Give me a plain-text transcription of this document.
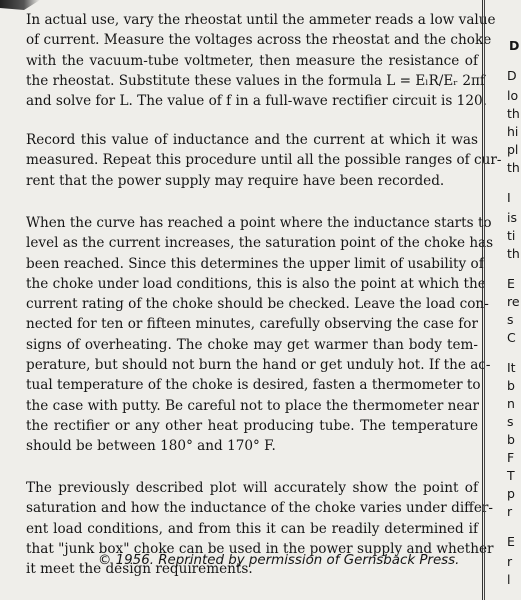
In actual use, vary the rheostat until the ammeter reads a low value
of current. Measure the voltages across the rheostat and the choke
with the vacuum-tube voltmeter, then measure the resistance of
the rheostat. Substitute these values in the formula L = EₗR/Eᵣ 2πf
and solve for L. The value of f in a full-wave rectifier circuit is 120.
Record this value of inductance and the current at which it was
measured. Repeat this procedure until all the possible ranges of cur-
rent that the power supply may require have been recorded.
When the curve has reached a point where the inductance starts to
level as the current increases, the saturation point of the choke has
been reached. Since this determines the upper limit of usability of
the choke under load conditions, this is also the point at which the
current rating of the choke should be checked. Leave the load con-
nected for ten or fifteen minutes, carefully observing the case for
signs of overheating. The choke may get warmer than body tem-
perature, but should not burn the hand or get unduly hot. If the ac-
tual temperature of the choke is desired, fasten a thermometer to
the case with putty. Be careful not to place the thermometer near
the rectifier or any other heat producing tube. The temperature
should be between 180° and 170° F.
The previously described plot will accurately show the point of
saturation and how the inductance of the choke varies under differ-
ent load conditions, and from this it can be readily determined if
that "junk box" choke can be used in the power supply and whether
it meet the design requirements.
© 1956. Reprinted by permission of Gernsback Press.
D
D
lo
th
hi
pl
th
I
is
ti
th
E
re
s
C
It
b
n
s
b
F
T
p
r
E
r
l
